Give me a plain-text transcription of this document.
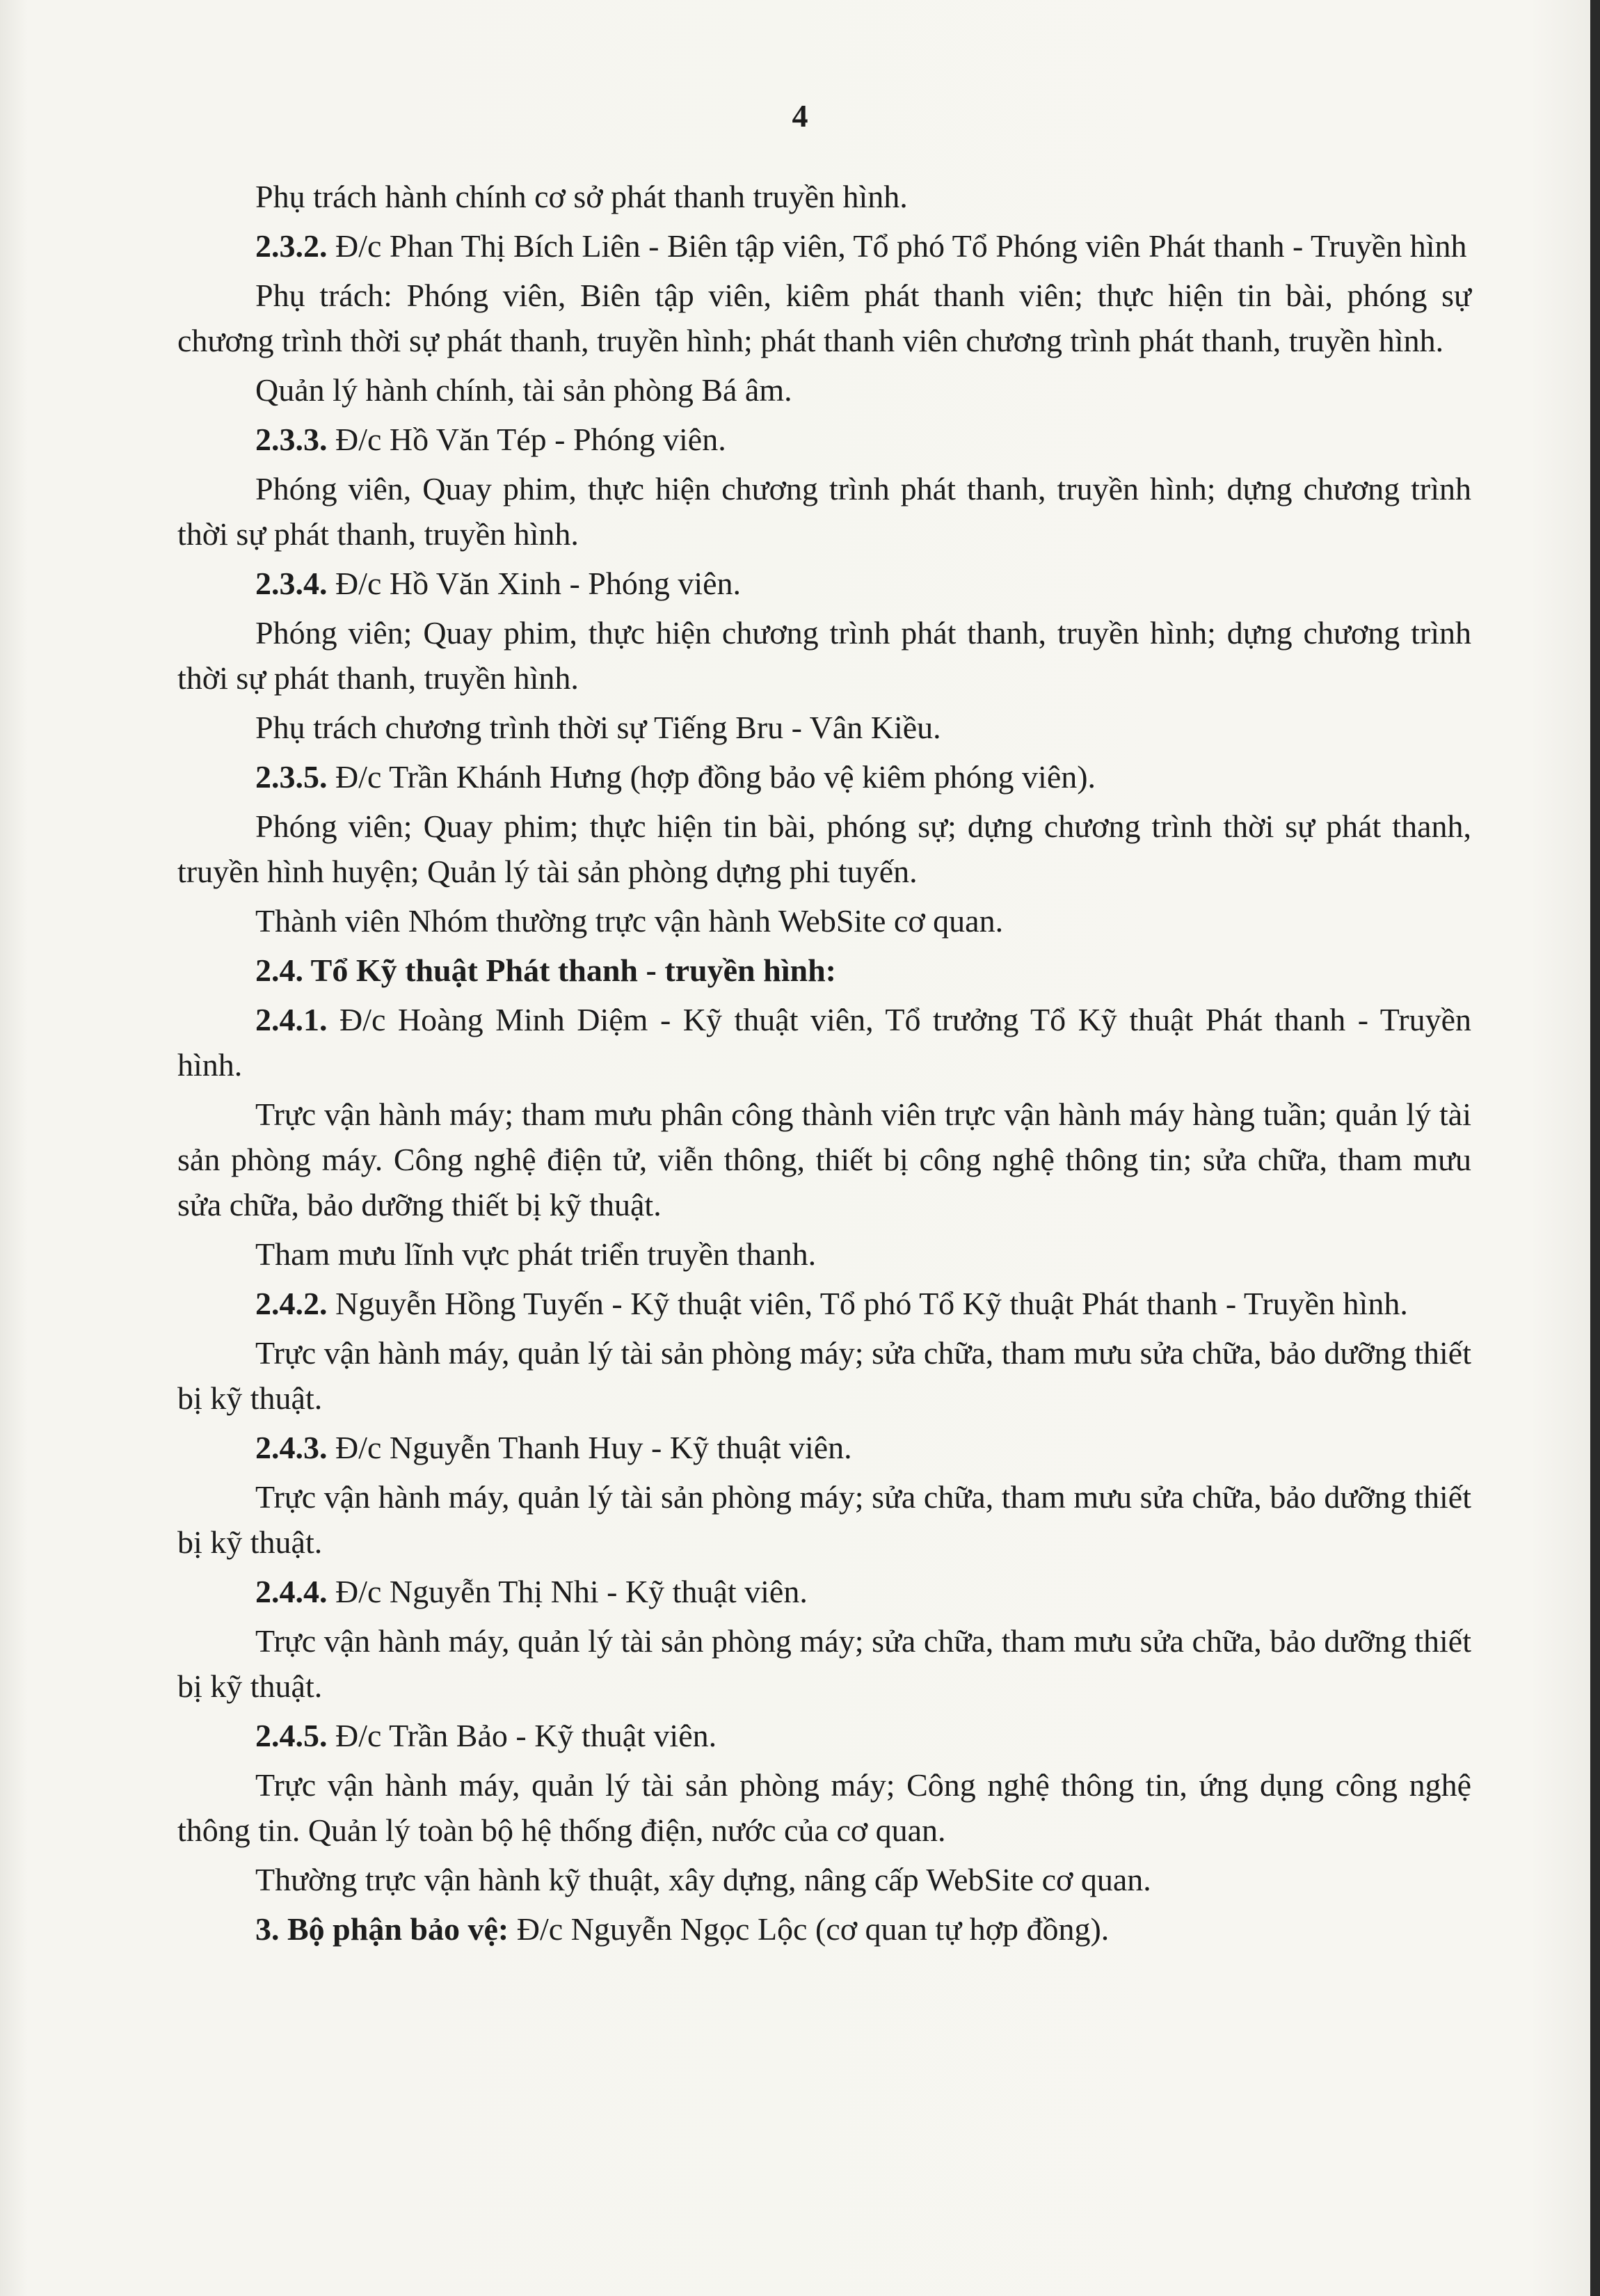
4

Phụ trách hành chính cơ sở phát thanh truyền hình.

2.3.2. Đ/c Phan Thị Bích Liên - Biên tập viên, Tổ phó Tổ Phóng viên Phát thanh - Truyền hình

Phụ trách: Phóng viên, Biên tập viên, kiêm phát thanh viên; thực hiện tin bài, phóng sự chương trình thời sự phát thanh, truyền hình; phát thanh viên chương trình phát thanh, truyền hình.

Quản lý hành chính, tài sản phòng Bá âm.

2.3.3. Đ/c Hồ Văn Tép - Phóng viên.

Phóng viên, Quay phim, thực hiện chương trình phát thanh, truyền hình; dựng chương trình thời sự phát thanh, truyền hình.

2.3.4. Đ/c Hồ Văn Xinh - Phóng viên.

Phóng viên; Quay phim, thực hiện chương trình phát thanh, truyền hình; dựng chương trình thời sự phát thanh, truyền hình.

Phụ trách chương trình thời sự Tiếng Bru - Vân Kiều.

2.3.5. Đ/c Trần Khánh Hưng (hợp đồng bảo vệ kiêm phóng viên).

Phóng viên; Quay phim; thực hiện tin bài, phóng sự; dựng chương trình thời sự phát thanh, truyền hình huyện; Quản lý tài sản phòng dựng phi tuyến.

Thành viên Nhóm thường trực vận hành WebSite cơ quan.

2.4. Tổ Kỹ thuật Phát thanh - truyền hình:

2.4.1. Đ/c Hoàng Minh Diệm - Kỹ thuật viên, Tổ trưởng Tổ Kỹ thuật Phát thanh - Truyền hình.

Trực vận hành máy; tham mưu phân công thành viên trực vận hành máy hàng tuần; quản lý tài sản phòng máy. Công nghệ điện tử, viễn thông, thiết bị công nghệ thông tin; sửa chữa, tham mưu sửa chữa, bảo dưỡng thiết bị kỹ thuật.

Tham mưu lĩnh vực phát triển truyền thanh.

2.4.2. Nguyễn Hồng Tuyến - Kỹ thuật viên, Tổ phó Tổ Kỹ thuật Phát thanh - Truyền hình.

Trực vận hành máy, quản lý tài sản phòng máy; sửa chữa, tham mưu sửa chữa, bảo dưỡng thiết bị kỹ thuật.

2.4.3. Đ/c Nguyễn Thanh Huy - Kỹ thuật viên.

Trực vận hành máy, quản lý tài sản phòng máy; sửa chữa, tham mưu sửa chữa, bảo dưỡng thiết bị kỹ thuật.

2.4.4. Đ/c Nguyễn Thị Nhi - Kỹ thuật viên.

Trực vận hành máy, quản lý tài sản phòng máy; sửa chữa, tham mưu sửa chữa, bảo dưỡng thiết bị kỹ thuật.

2.4.5. Đ/c Trần Bảo - Kỹ thuật viên.

Trực vận hành máy, quản lý tài sản phòng máy; Công nghệ thông tin, ứng dụng công nghệ thông tin. Quản lý toàn bộ hệ thống điện, nước của cơ quan.

Thường trực vận hành kỹ thuật, xây dựng, nâng cấp WebSite cơ quan.

3. Bộ phận bảo vệ: Đ/c Nguyễn Ngọc Lộc (cơ quan tự hợp đồng).
